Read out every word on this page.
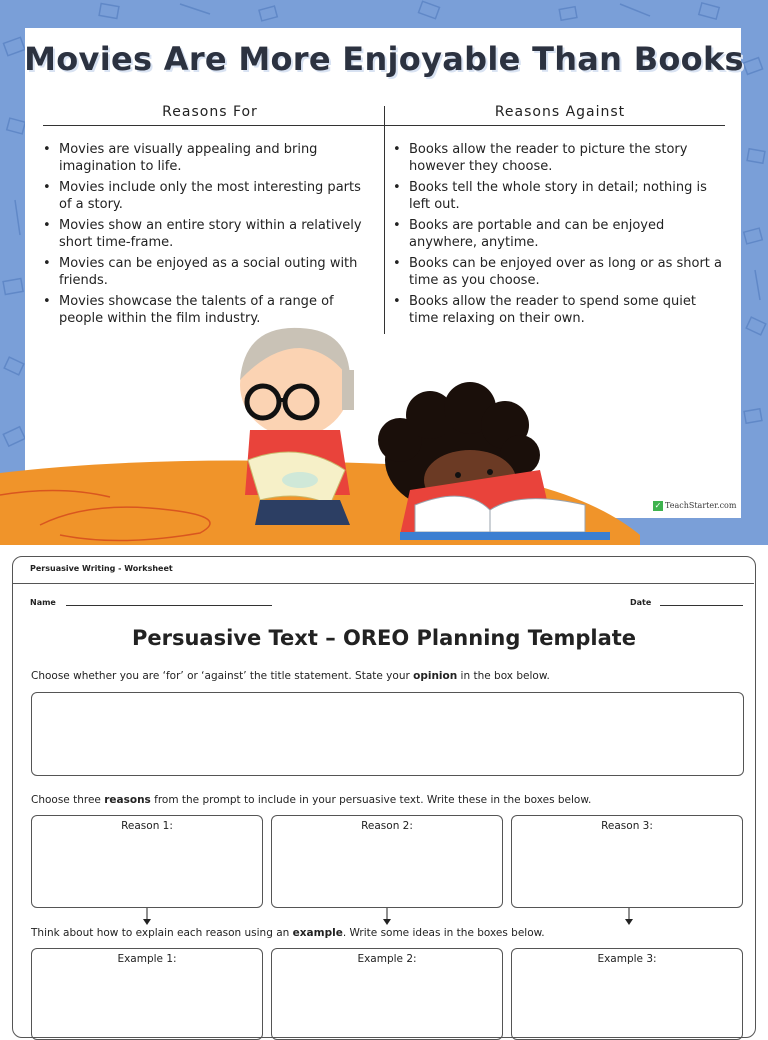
Movies Are More Enjoyable Than Books
Reasons For	Reasons Against
• Movies are visually appealing and bring imagination to life.
• Movies include only the most interesting parts of a story.
• Movies show an entire story within a relatively short time-frame.
• Movies can be enjoyed as a social outing with friends.
• Movies showcase the talents of a range of people within the film industry.
• Books allow the reader to picture the story however they choose.
• Books tell the whole story in detail; nothing is left out.
• Books are portable and can be enjoyed anywhere, anytime.
• Books can be enjoyed over as long or as short a time as you choose.
• Books allow the reader to spend some quiet time relaxing on their own.
✓ TeachStarter.com
Persuasive Writing - Worksheet
Name	Date
Persuasive Text – OREO Planning Template
Choose whether you are ‘for’ or ‘against’ the title statement. State your opinion in the box below.
Choose three reasons from the prompt to include in your persuasive text. Write these in the boxes below.
Reason 1:	Reason 2:	Reason 3:
Think about how to explain each reason using an example. Write some ideas in the boxes below.
Example 1:	Example 2:	Example 3:
